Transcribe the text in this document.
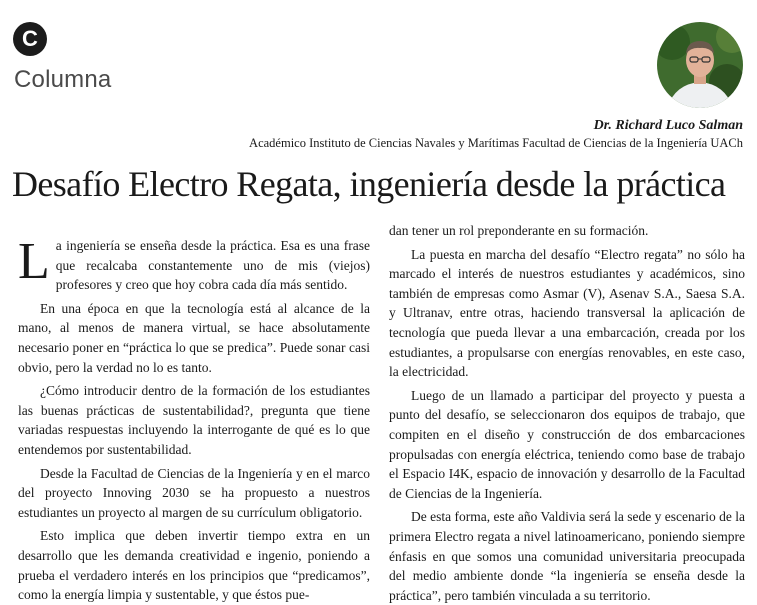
C
Columna
Dr. Richard Luco Salman
Académico Instituto de Ciencias Navales y Marítimas Facultad de Ciencias de la Ingeniería UACh
Desafío Electro Regata, ingeniería desde la práctica

La ingeniería se enseña desde la práctica. Esa es una frase que recalcaba constantemente uno de mis (viejos) profesores y creo que hoy cobra cada día más sentido.

En una época en que la tecnología está al alcance de la mano, al menos de manera virtual, se hace absolutamente necesario poner en “práctica lo que se predica”. Puede sonar casi obvio, pero la verdad no lo es tanto.

¿Cómo introducir dentro de la formación de los estudiantes las buenas prácticas de sustentabilidad?, pregunta que tiene variadas respuestas incluyendo la interrogante de qué es lo que entendemos por sustentabilidad.

Desde la Facultad de Ciencias de la Ingeniería y en el marco del proyecto Innoving 2030 se ha propuesto a nuestros estudiantes un proyecto al margen de su currículum obligatorio.

Esto implica que deben invertir tiempo extra en un desarrollo que les demanda creatividad e ingenio, poniendo a prueba el verdadero interés en los principios que “predicamos”, como la energía limpia y sustentable, y que éstos pue-

dan tener un rol preponderante en su formación.

La puesta en marcha del desafío “Electro regata” no sólo ha marcado el interés de nuestros estudiantes y académicos, sino también de empresas como Asmar (V), Asenav S.A., Saesa S.A. y Ultranav, entre otras, haciendo transversal la aplicación de tecnología que pueda llevar a una embarcación, creada por los estudiantes, a propulsarse con energías renovables, en este caso, la electricidad.

Luego de un llamado a participar del proyecto y puesta a punto del desafío, se seleccionaron dos equipos de trabajo, que compiten en el diseño y construcción de dos embarcaciones propulsadas con energía eléctrica, teniendo como base de trabajo el Espacio I4K, espacio de innovación y desarrollo de la Facultad de Ciencias de la Ingeniería.

De esta forma, este año Valdivia será la sede y escenario de la primera Electro regata a nivel latinoamericano, poniendo siempre énfasis en que somos una comunidad universitaria preocupada del medio ambiente donde “la ingeniería se enseña desde la práctica”, pero también vinculada a su territorio.
